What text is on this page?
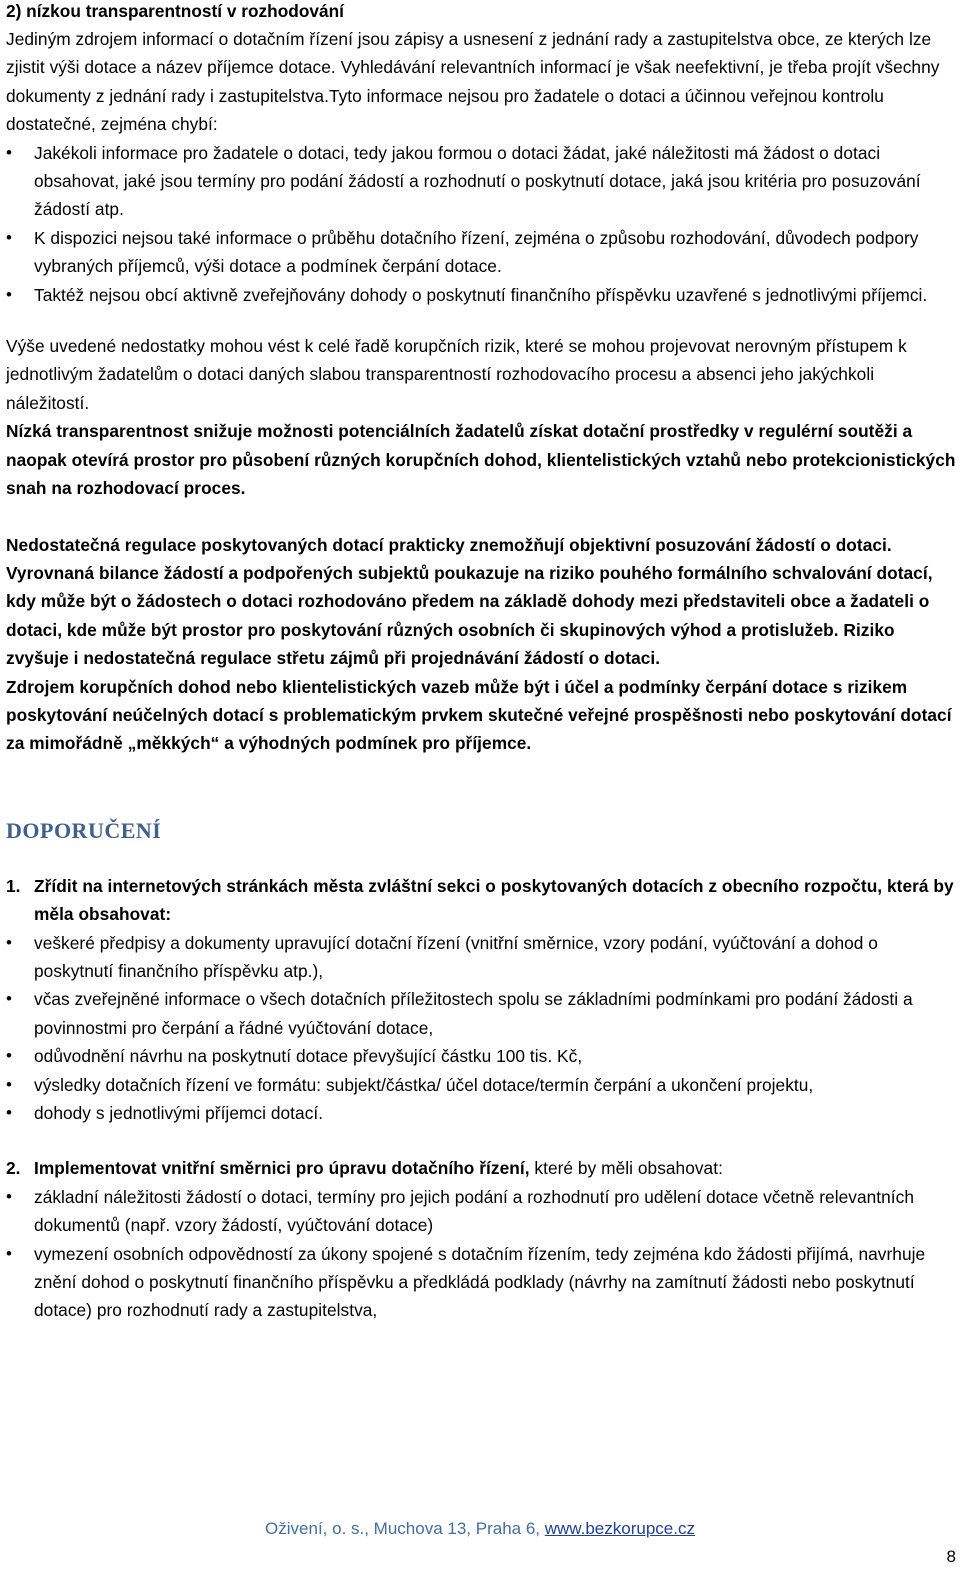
2) nízkou transparentností v rozhodování

Jediným zdrojem informací o dotačním řízení jsou zápisy a usnesení z jednání rady a zastupitelstva obce, ze kterých lze zjistit výši dotace a název příjemce dotace. Vyhledávání relevantních informací je však neefektivní, je třeba projít všechny dokumenty z jednání rady i zastupitelstva.Tyto informace nejsou pro žadatele o dotaci a účinnou veřejnou kontrolu dostatečné, zejména chybí:

• Jakékoli informace pro žadatele o dotaci, tedy jakou formou o dotaci žádat, jaké náležitosti má žádost o dotaci obsahovat, jaké jsou termíny pro podání žádostí a rozhodnutí o poskytnutí dotace, jaká jsou kritéria pro posuzování žádostí atp.

• K dispozici nejsou také informace o průběhu dotačního řízení, zejména o způsobu rozhodování, důvodech podpory vybraných příjemců, výši dotace a podmínek čerpání dotace.

• Taktéž nejsou obcí aktivně zveřejňovány dohody o poskytnutí finančního příspěvku uzavřené s jednotlivými příjemci.

Výše uvedené nedostatky mohou vést k celé řadě korupčních rizik, které se mohou projevovat nerovným přístupem k jednotlivým žadatelům o dotaci daných slabou transparentností rozhodovacího procesu a absenci jeho jakýchkoli náležitostí.

Nízká transparentnost snižuje možnosti potenciálních žadatelů získat dotační prostředky v regulérní soutěži a naopak otevírá prostor pro působení různých korupčních dohod, klientelistických vztahů nebo protekcionistických snah na rozhodovací proces.

Nedostatečná regulace poskytovaných dotací prakticky znemožňují objektivní posuzování žádostí o dotaci. Vyrovnaná bilance žádostí a podpořených subjektů poukazuje na riziko pouhého formálního schvalování dotací, kdy může být o žádostech o dotaci rozhodováno předem na základě dohody mezi představiteli obce a žadateli o dotaci, kde může být prostor pro poskytování různých osobních či skupinových výhod a protislužeb. Riziko zvyšuje i nedostatečná regulace střetu zájmů při projednávání žádostí o dotaci.

Zdrojem korupčních dohod nebo klientelistických vazeb může být i účel a podmínky čerpání dotace s rizikem poskytování neúčelných dotací s problematickým prvkem skutečné veřejné prospěšnosti nebo poskytování dotací za mimořádně „měkkých“ a výhodných podmínek pro příjemce.

DOPORUČENÍ

1. Zřídit na internetových stránkách města zvláštní sekci o poskytovaných dotacích z obecního rozpočtu, která by měla obsahovat:

• veškeré předpisy a dokumenty upravující dotační řízení (vnitřní směrnice, vzory podání, vyúčtování a dohod o poskytnutí finančního příspěvku atp.),

• včas zveřejněné informace o všech dotačních příležitostech spolu se základními podmínkami pro podání žádosti a povinnostmi pro čerpání a řádné vyúčtování dotace,

• odůvodnění návrhu na poskytnutí dotace převyšující částku 100 tis. Kč,

• výsledky dotačních řízení ve formátu: subjekt/částka/ účel dotace/termín čerpání a ukončení projektu,

• dohody s jednotlivými příjemci dotací.

2. Implementovat vnitřní směrnici pro úpravu dotačního řízení, které by měli obsahovat:

• základní náležitosti žádostí o dotaci, termíny pro jejich podání a rozhodnutí pro udělení dotace včetně relevantních dokumentů (např. vzory žádostí, vyúčtování dotace)

• vymezení osobních odpovědností za úkony spojené s dotačním řízením, tedy zejména kdo žádosti přijímá, navrhuje znění dohod o poskytnutí finančního příspěvku a předkládá podklady (návrhy na zamítnutí žádosti nebo poskytnutí dotace) pro rozhodnutí rady a zastupitelstva,

Oživení, o. s., Muchova 13, Praha 6, www.bezkorupce.cz
8
